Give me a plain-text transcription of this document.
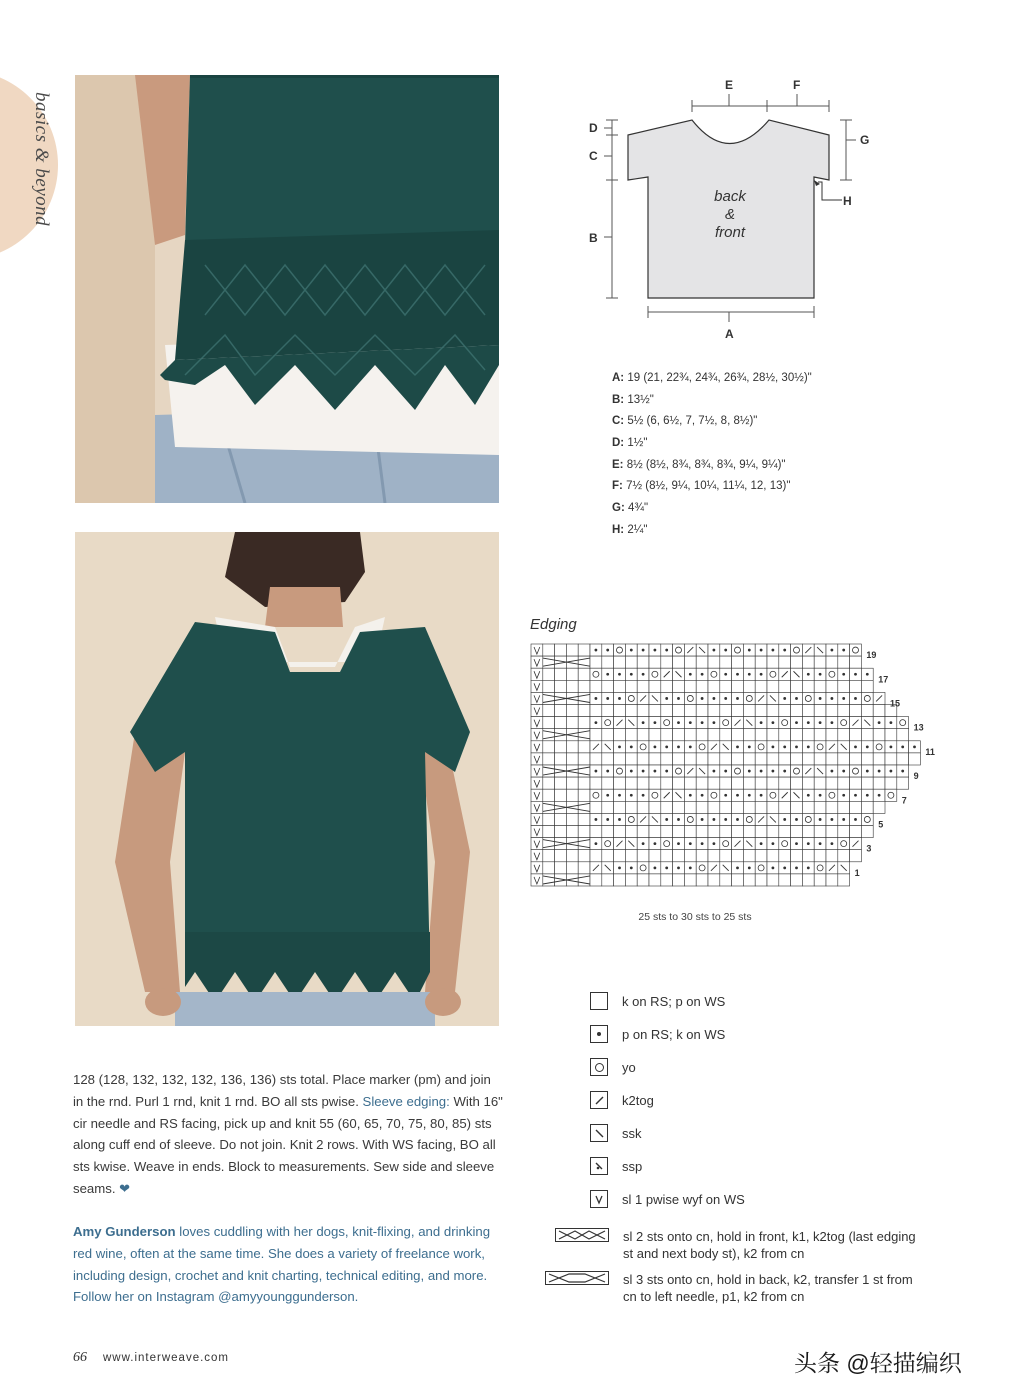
basics & beyond
E	F
D
C
B
G
H
A
back
&
front
A: 19 (21, 22¾, 24¾, 26¾, 28½, 30½)"
B: 13½"
C: 5½ (6, 6½, 7, 7½, 8, 8½)"
D: 1½"
E: 8½ (8½, 8¾, 8¾, 8¾, 9¼, 9¼)"
F: 7½ (8½, 9¼, 10¼, 11¼, 12, 13)"
G: 4¾"
H: 2¼"
Edging
19
17
15
13
11
9
7
5
3
1
25 sts to 30 sts to 25 sts
k on RS; p on WS
p on RS; k on WS
yo
k2tog
ssk
ssp
sl 1 pwise wyf on WS
sl 2 sts onto cn, hold in front, k1, k2tog (last edging st and next body st), k2 from cn
sl 3 sts onto cn, hold in back, k2, transfer 1 st from cn to left needle, p1, k2 from cn
128 (128, 132, 132, 132, 136, 136) sts total. Place marker (pm) and join in the rnd. Purl 1 rnd, knit 1 rnd. BO all sts pwise. Sleeve edging: With 16" cir needle and RS facing, pick up and knit 55 (60, 65, 70, 75, 80, 85) sts along cuff end of sleeve. Do not join. Knit 2 rows. With WS facing, BO all sts kwise. Weave in ends. Block to measurements. Sew side and sleeve seams. ❤
Amy Gunderson loves cuddling with her dogs, knit-flixing, and drinking red wine, often at the same time. She does a variety of freelance work, including design, crochet and knit charting, technical editing, and more. Follow her on Instagram @amyyounggunderson.
66 www.interweave.com	头条 @轻描编织
